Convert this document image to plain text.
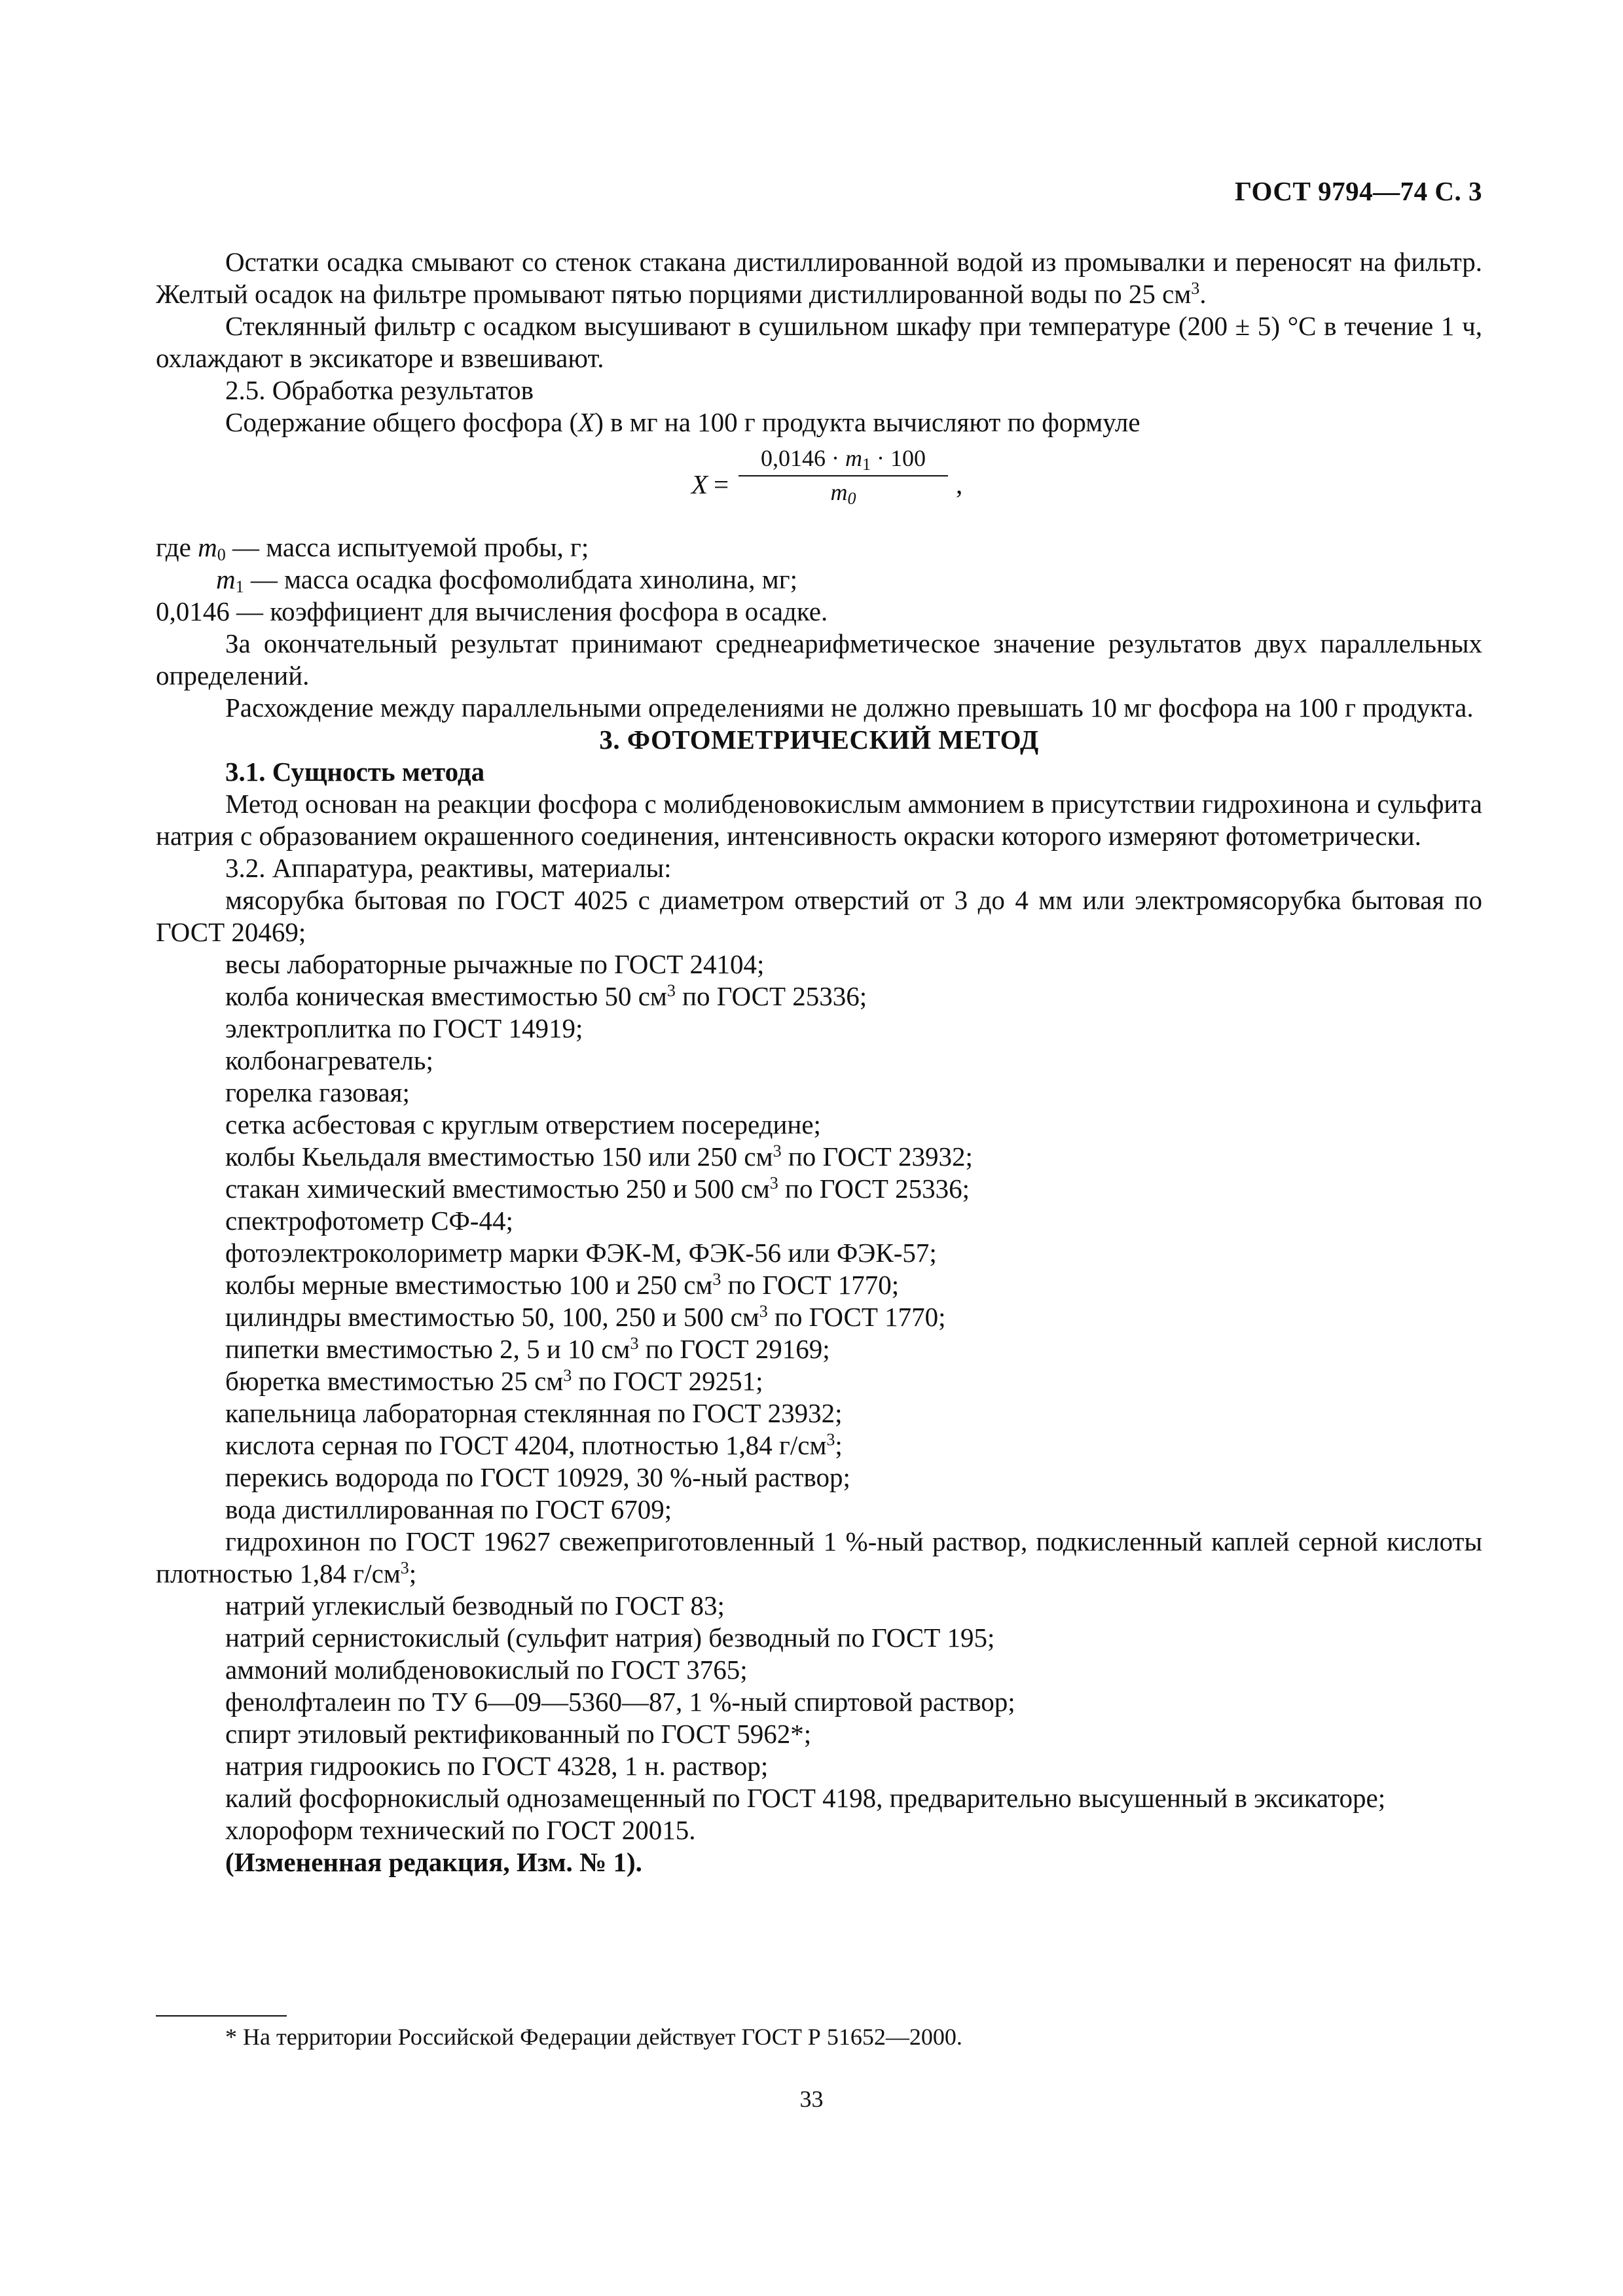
ГОСТ 9794—74 С. 3

Остатки осадка смывают со стенок стакана дистиллированной водой из промывалки и переносят на фильтр. Желтый осадок на фильтре промывают пятью порциями дистиллированной воды по 25 $см^3$.

Стеклянный фильтр с осадком высушивают в сушильном шкафу при температуре (200 ± 5) °С в течение 1 ч, охлаждают в эксикаторе и взвешивают.

2.5. Обработка результатов

Содержание общего фосфора (X) в мг на 100 г продукта вычисляют по формуле

$X = \frac{0,0146 \cdot m_1 \cdot 100}{m_0}$ ,

где $m_0$ — масса испытуемой пробы, г;

$m_1$ — масса осадка фосфомолибдата хинолина, мг;

0,0146 — коэффициент для вычисления фосфора в осадке.

За окончательный результат принимают среднеарифметическое значение результатов двух параллельных определений.

Расхождение между параллельными определениями не должно превышать 10 мг фосфора на 100 г продукта.

3. ФОТОМЕТРИЧЕСКИЙ МЕТОД

3.1. Сущность метода

Метод основан на реакции фосфора с молибденовокислым аммонием в присутствии гидрохинона и сульфита натрия с образованием окрашенного соединения, интенсивность окраски которого измеряют фотометрически.

3.2. Аппаратура, реактивы, материалы:

мясорубка бытовая по ГОСТ 4025 с диаметром отверстий от 3 до 4 мм или электромясорубка бытовая по ГОСТ 20469;

весы лабораторные рычажные по ГОСТ 24104;

колба коническая вместимостью 50 $см^3$ по ГОСТ 25336;

электроплитка по ГОСТ 14919;

колбонагреватель;

горелка газовая;

сетка асбестовая с круглым отверстием посередине;

колбы Кьельдаля вместимостью 150 или 250 $см^3$ по ГОСТ 23932;

стакан химический вместимостью 250 и 500 $см^3$ по ГОСТ 25336;

спектрофотометр СФ-44;

фотоэлектроколориметр марки ФЭК-М, ФЭК-56 или ФЭК-57;

колбы мерные вместимостью 100 и 250 $см^3$ по ГОСТ 1770;

цилиндры вместимостью 50, 100, 250 и 500 $см^3$ по ГОСТ 1770;

пипетки вместимостью 2, 5 и 10 $см^3$ по ГОСТ 29169;

бюретка вместимостью 25 $см^3$ по ГОСТ 29251;

капельница лабораторная стеклянная по ГОСТ 23932;

кислота серная по ГОСТ 4204, плотностью 1,84 $г/см^3$;

перекись водорода по ГОСТ 10929, 30 %-ный раствор;

вода дистиллированная по ГОСТ 6709;

гидрохинон по ГОСТ 19627 свежеприготовленный 1 %-ный раствор, подкисленный каплей серной кислоты плотностью 1,84 $г/см^3$;

натрий углекислый безводный по ГОСТ 83;

натрий сернистокислый (сульфит натрия) безводный по ГОСТ 195;

аммоний молибденовокислый по ГОСТ 3765;

фенолфталеин по ТУ 6—09—5360—87, 1 %-ный спиртовой раствор;

спирт этиловый ректификованный по ГОСТ 5962*;

натрия гидроокись по ГОСТ 4328, 1 н. раствор;

калий фосфорнокислый однозамещенный по ГОСТ 4198, предварительно высушенный в эксикаторе;

хлороформ технический по ГОСТ 20015.

(Измененная редакция, Изм. № 1).

* На территории Российской Федерации действует ГОСТ Р 51652—2000.
33
